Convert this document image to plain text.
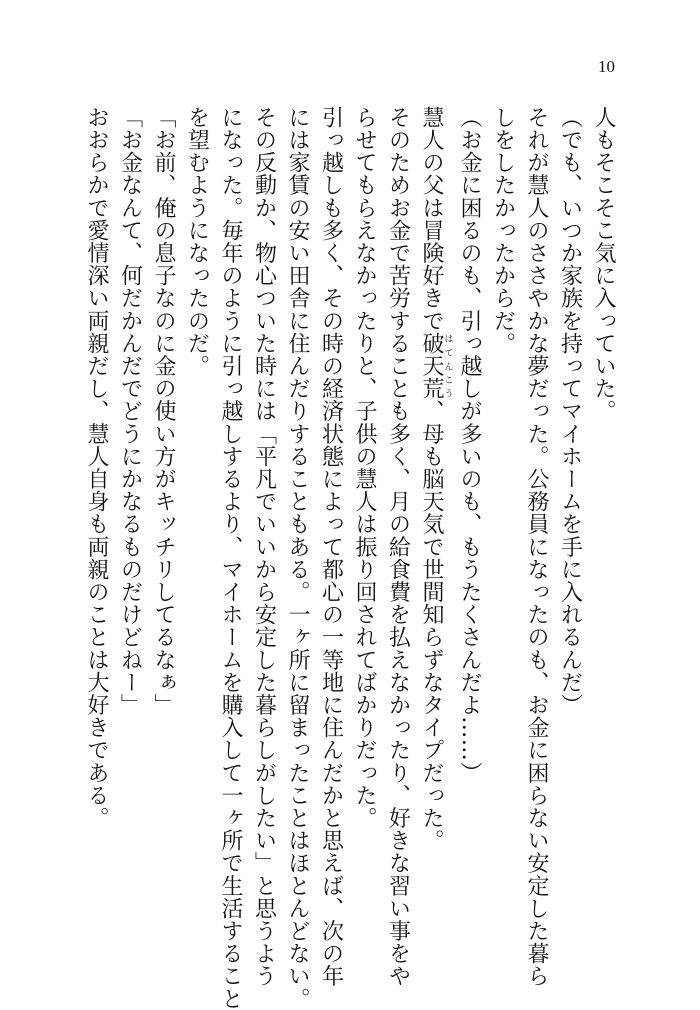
10
人もそこそこ気に入っていた。
（でも、いつか家族を持ってマイホームを手に入れるんだ）
それが慧人のささやかな夢だった。公務員になったのも、お金に困らない安定した暮ら
しをしたかったからだ。
（お金に困るのも、引っ越しが多いのも、もうたくさんだよ……）
慧人の父は冒険好きで破天荒はてんこう、母も脳天気で世間知らずなタイプだった。
そのためお金で苦労することも多く、月の給食費を払えなかったり、好きな習い事をや
らせてもらえなかったりと、子供の慧人は振り回されてばかりだった。
引っ越しも多く、その時の経済状態によって都心の一等地に住んだかと思えば、次の年
には家賃の安い田舎に住んだりすることもある。一ヶ所に留まったことはほとんどない。
その反動か、物心ついた時には「平凡でいいから安定した暮らしがしたい」と思うよう
になった。毎年のように引っ越しするより、マイホームを購入して一ヶ所で生活すること
を望むようになったのだ。
「お前、俺の息子なのに金の使い方がキッチリしてるなぁ」
「お金なんて、何だかんだでどうにかなるものだけどねー」
おおらかで愛情深い両親だし、慧人自身も両親のことは大好きである。
